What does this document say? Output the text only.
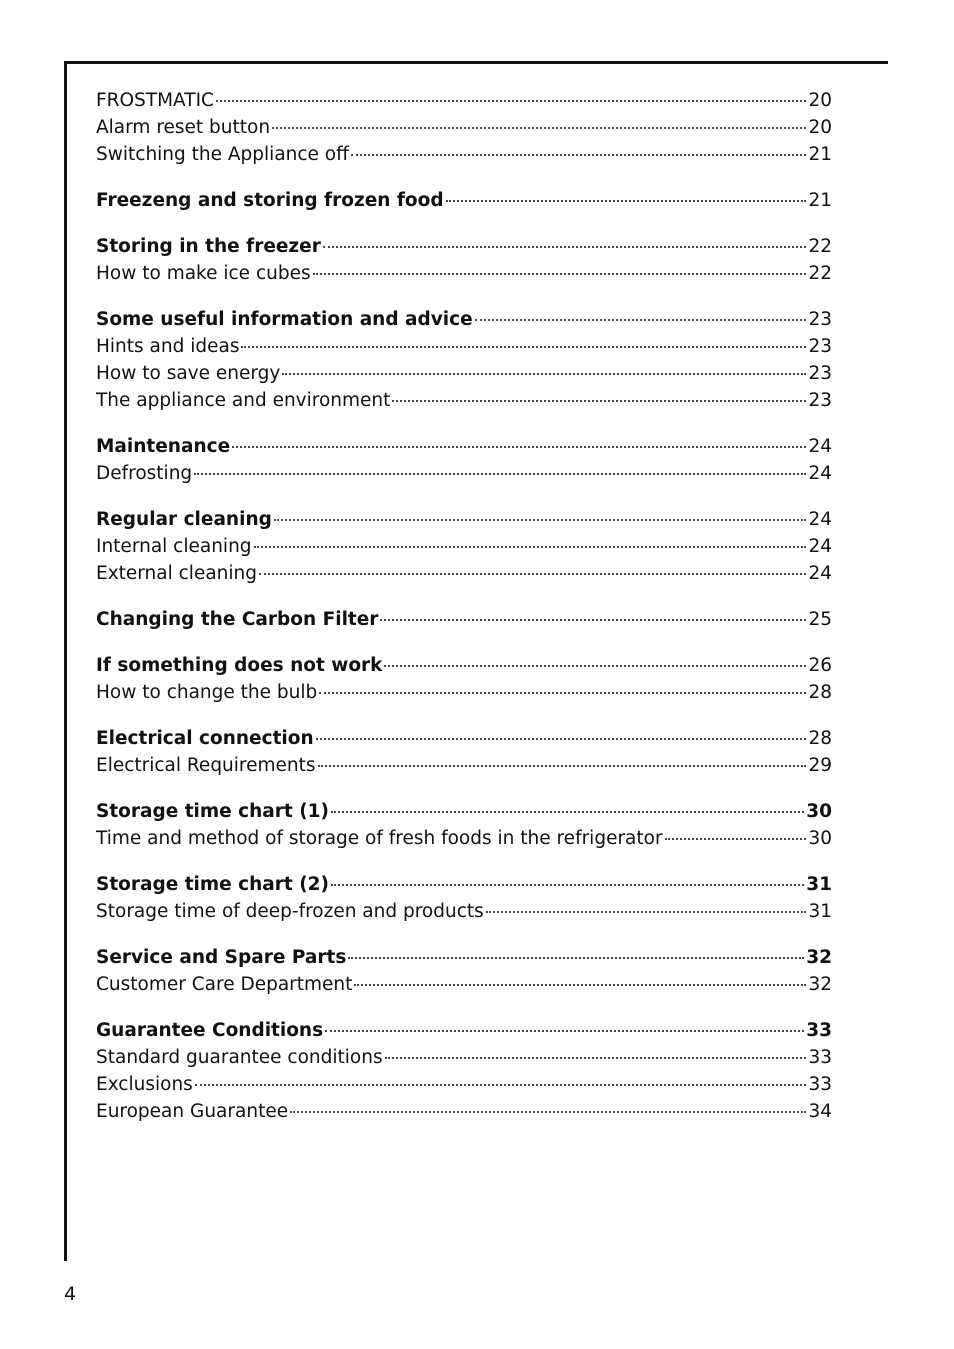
FROSTMATIC	20
Alarm reset button	20
Switching the Appliance off	21
Freezeng and storing frozen food	21
Storing in the freezer	22
How to make ice cubes	22
Some useful information and advice	23
Hints and ideas	23
How to save energy	23
The appliance and environment	23
Maintenance	24
Defrosting	24
Regular cleaning	24
Internal cleaning	24
External cleaning	24
Changing the Carbon Filter	25
If something does not work	26
How to change the bulb	28
Electrical connection	28
Electrical Requirements	29
Storage time chart (1)	30
Time and method of storage of fresh foods in the refrigerator	30
Storage time chart (2)	31
Storage time of deep-frozen and products	31
Service and Spare Parts	32
Customer Care Department	32
Guarantee Conditions	33
Standard guarantee conditions	33
Exclusions	33
European Guarantee	34
4
